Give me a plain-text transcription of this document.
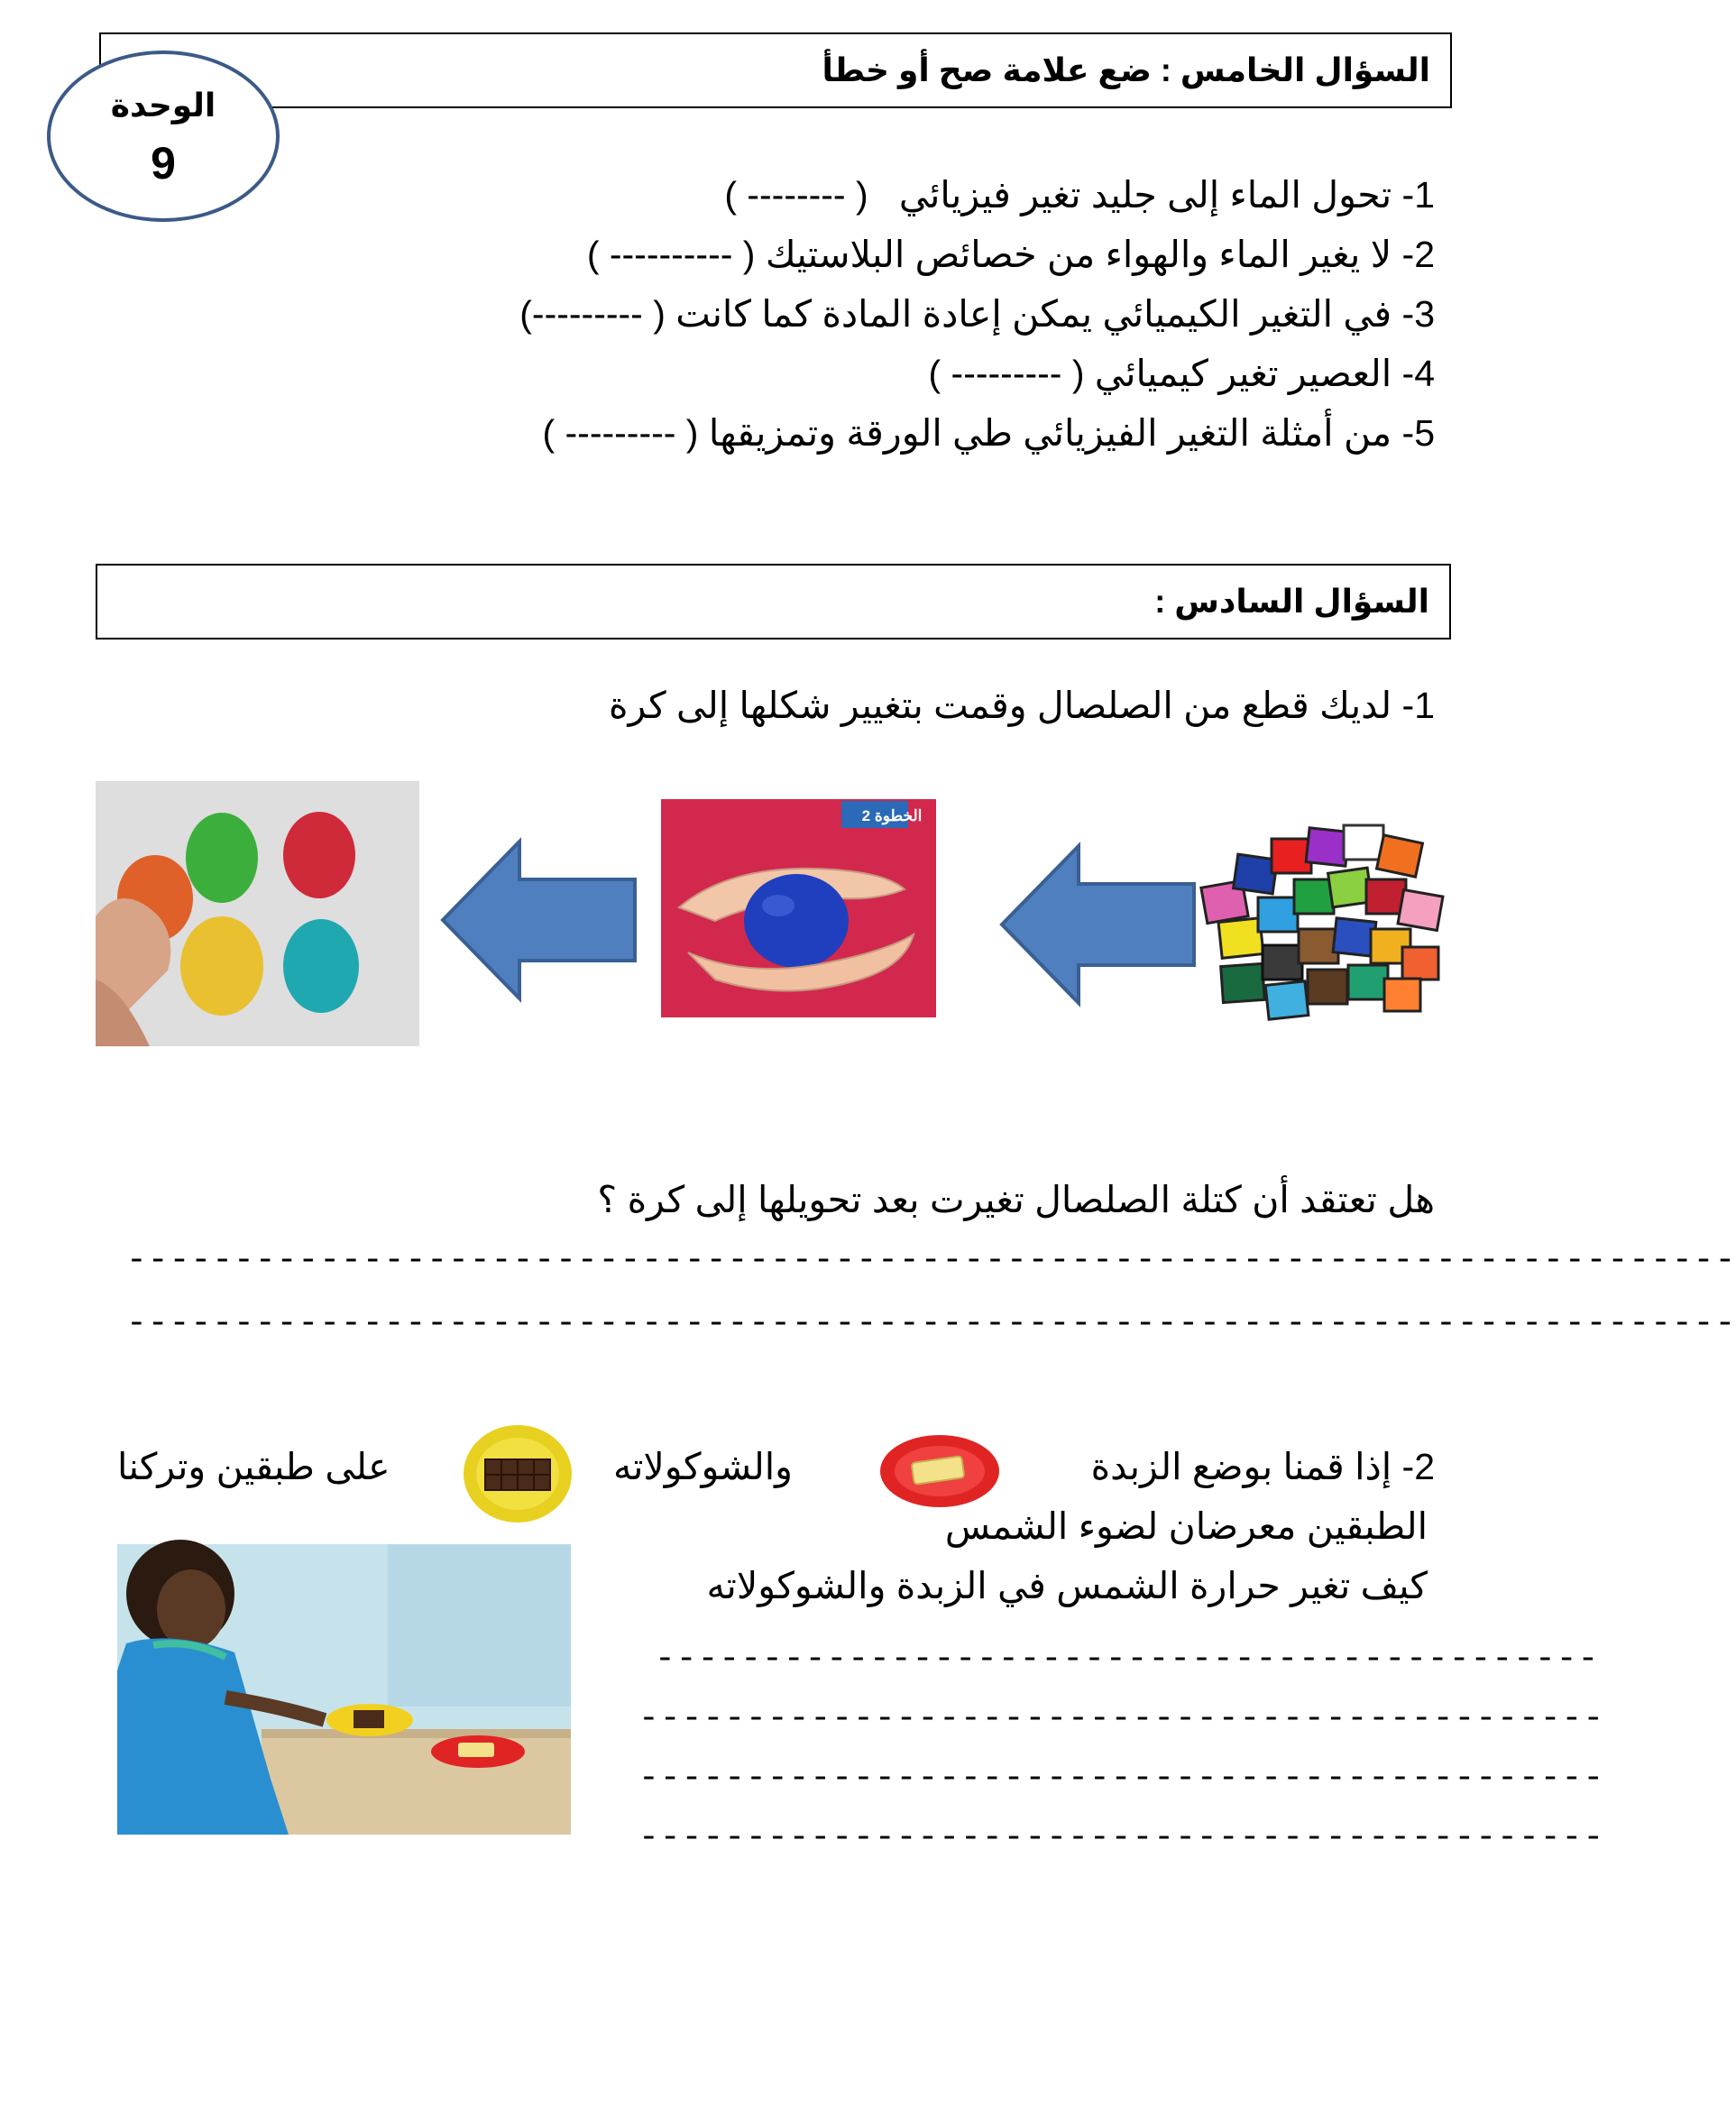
السؤال الخامس : ضع علامة صح أو خطأ
الوحدة
9
1- تحول الماء إلى جليد تغير فيزيائي   ( -------- )
2- لا يغير الماء والهواء من خصائص البلاستيك ( ---------- )
3- في التغير الكيميائي يمكن إعادة المادة كما كانت ( ---------)
4- العصير تغير كيميائي ( --------- )
5- من أمثلة التغير الفيزيائي طي الورقة وتمزيقها ( --------- )
السؤال السادس :
1- لديك قطع من الصلصال وقمت بتغيير شكلها إلى كرة
الخطوة 2
هل تعتقد أن كتلة الصلصال تغيرت بعد تحويلها إلى كرة ؟
---------------------------------------------------------------------------
---------------------------------------------------------------------------
2- إذا قمنا بوضع الزبدة
والشوكولاته
على طبقين وتركنا
الطبقين معرضان لضوء الشمس
كيف تغير حرارة الشمس في الزبدة والشوكولاته
--------------------------------------------
---------------------------------------------
---------------------------------------------
---------------------------------------------
